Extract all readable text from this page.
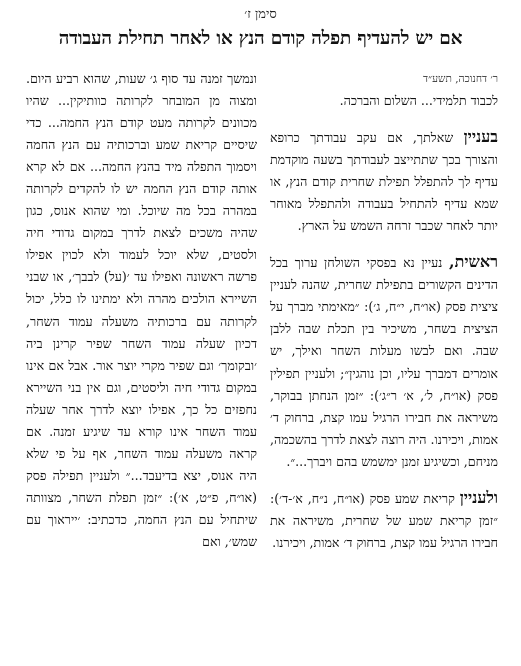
סימן ז׳
אם יש להעדיף תפלה קודם הנץ או לאחר תחילת העבודה
ר׳ דחנוכה, תשע״ד

לכבוד תלמידי... השלום והברכה.

בעניין שאלתך, אם עקב עבודתך כרופא והצורך בכך שתתייצב לעבודתך בשעה מוקדמת עדיף לך להתפלל תפילת שחרית קודם הנץ, או שמא עדיף להתחיל בעבודה ולהתפלל מאוחר יותר לאחר שכבר זרחה השמש על הארץ.

ראשית, נעיין נא בפסקי השולחן ערוך בכל הדינים הקשורים בתפילת שחרית, שהנה לעניין ציצית פסק (או״ח, י״ח, ג׳): ״מאימתי מברך על הציצית בשחר, משיכיר בין תכלת שבה ללבן שבה. ואם לבשו מעלות השחר ואילך, יש אומרים דמברך עליו, וכן נוהגין״; ולעניין תפילין פסק (או״ח, ל׳, א׳ ר״ג׳): ״זמן הנחתן בבוקר, משיראה את חבירו הרגיל עמו קצת, ברחוק ד׳ אמות, ויכירנו. היה רוצה לצאת לדרך בהשכמה, מניחם, וכשיגיע זמנן ימשמש בהם ויברך...״.

ולעניין קריאת שמע פסק (או״ח, נ״ח, א׳-ד׳): ״זמן קריאת שמע של שחרית, משיראה את חבירו הרגיל עמו קצת, ברחוק ד׳ אמות, ויכירנו.

ונמשך זמנה עד סוף ג׳ שעות, שהוא רביע היום. ומצוה מן המובחר לקרותה כוותיקין... שהיו מכוונים לקרותה מעט קודם הנץ החמה... כדי שיסיים קריאת שמע וברכותיה עם הנץ החמה ויסמוך התפלה מיד בהנץ החמה... אם לא קרא אותה קודם הנץ החמה יש לו להקדים לקרותה במהרה בכל מה שיוכל. ומי שהוא אנוס, כגון שהיה משכים לצאת לדרך במקום גדודי חיה ולסטים, שלא יוכל לעמוד ולא לכוין אפילו פרשה ראשונה ואפילו עד ׳(על) לבבך׳, או שבני השיירא הולכים מהרה ולא ימתינו לו כלל, יכול לקרותה עם ברכותיה משעלה עמוד השחר, דכיון שעלה עמוד השחר שפיר קרינן ביה ׳ובקומך׳ וגם שפיר מקרי יוצר אור. אבל אם אינו במקום גדודי חיה וליסטים, וגם אין בני השיירא נחפזים כל כך, אפילו יוצא לדרך אחר שעלה עמוד השחר אינו קורא עד שיגיע זמנה. אם קראה משעלה עמוד השחר, אף על פי שלא היה אנוס, יצא בדיעבד...״ ולעניין תפילה פסק (או״ח, פ״ט, א׳): ״זמן תפלת השחר, מצוותה שיתחיל עם הנץ החמה, כדכתיב: ׳ייראוך עם שמש׳, ואם
